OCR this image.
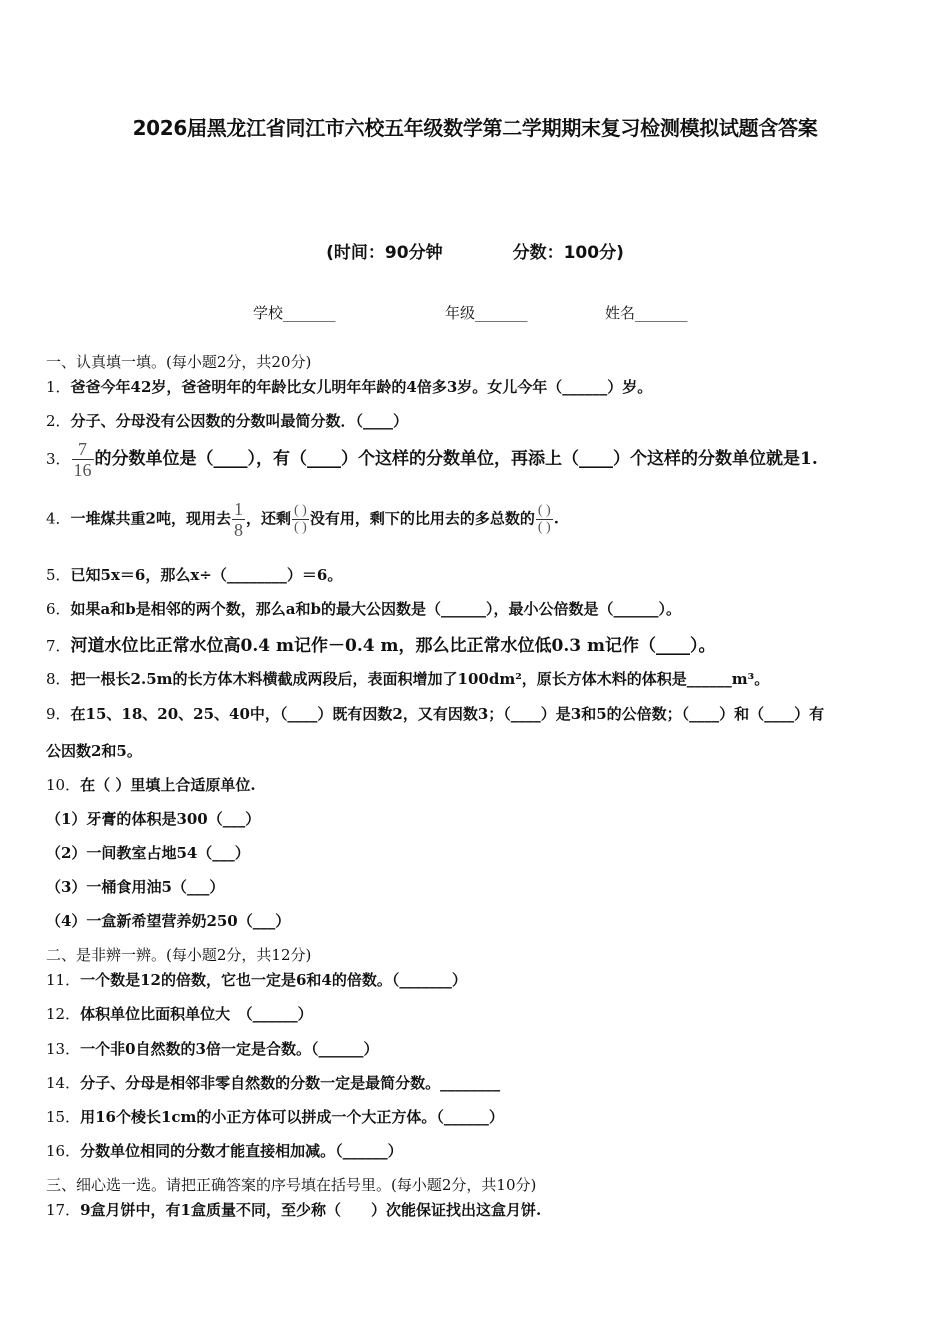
2026届黑龙江省同江市六校五年级数学第二学期期末复习检测模拟试题含答案
(时间：90分钟	分数：100分)
学校_______	年级_______	姓名_______
一、认真填一填。(每小题2分，共20分)
1．爸爸今年42岁，爸爸明年的年龄比女儿明年年龄的4倍多3岁。女儿今年（______）岁。
2．分子、分母没有公因数的分数叫最简分数．（____）
3． $\frac{7}{16}$ 的分数单位是（____），有（____）个这样的分数单位，再添上（____）个这样的分数单位就是1.
4．一堆煤共重2吨，现用去 $\frac{1}{8}$ ，还剩 $\frac{( )}{( )}$ 没有用，剩下的比用去的多总数的 $\frac{( )}{( )}$ .
5．已知5x＝6，那么x÷（________）＝6。
6．如果a和b是相邻的两个数，那么a和b的最大公因数是（______），最小公倍数是（______）。
7．河道水位比正常水位高0.4 m记作－0.4 m，那么比正常水位低0.3 m记作（____）。
8．把一根长2.5m的长方体木料横截成两段后，表面积增加了100dm²，原长方体木料的体积是______m³。
9．在15、18、20、25、40中，（____）既有因数2，又有因数3；（____）是3和5的公倍数；（____）和（____）有
公因数2和5。
10．在（ ）里填上合适原单位.
（1）牙膏的体积是300（___）
（2）一间教室占地54（___）
（3）一桶食用油5（___）
（4）一盒新希望营养奶250（___）
二、是非辨一辨。(每小题2分，共12分)
11．一个数是12的倍数，它也一定是6和4的倍数。（_______）
12．体积单位比面积单位大　（______）
13．一个非0自然数的3倍一定是合数。（______）
14．分子、分母是相邻非零自然数的分数一定是最简分数。________
15．用16个棱长1cm的小正方体可以拼成一个大正方体。（______）
16．分数单位相同的分数才能直接相加减。（______）
三、细心选一选。请把正确答案的序号填在括号里。(每小题2分，共10分)
17．9盒月饼中，有1盒质量不同，至少称（　　）次能保证找出这盒月饼.
